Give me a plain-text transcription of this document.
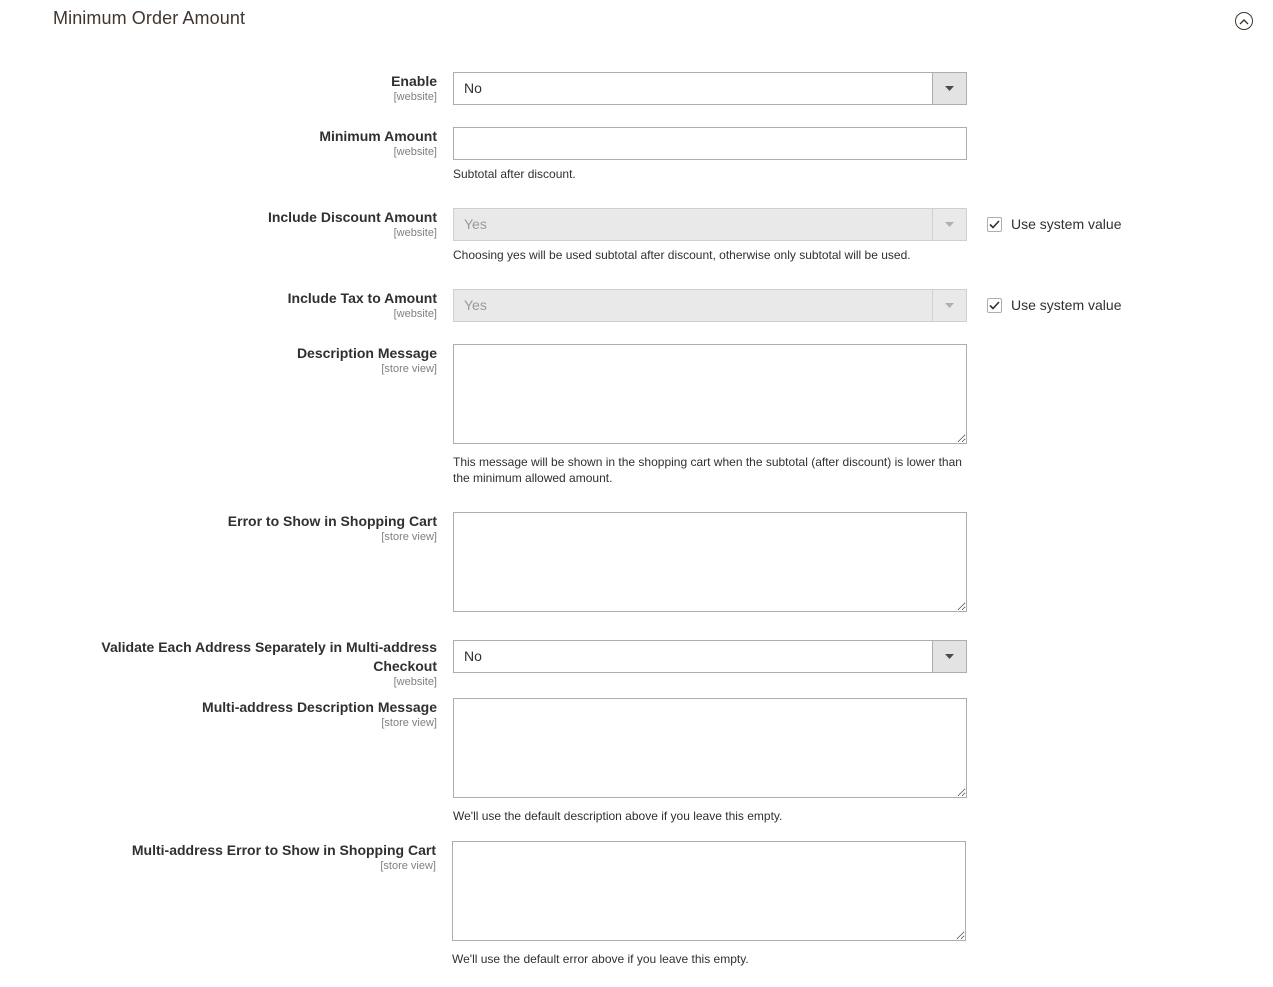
Minimum Order Amount
Enable
[website]
No
Minimum Amount
[website]
Subtotal after discount.
Include Discount Amount
[website]
Yes
Choosing yes will be used subtotal after discount, otherwise only subtotal will be used.
Use system value
Include Tax to Amount
[website]
Yes	Use system value
Description Message
[store view]
This message will be shown in the shopping cart when the subtotal (after discount) is lower than the minimum allowed amount.
Error to Show in Shopping Cart
[store view]
Validate Each Address Separately in Multi-address
Checkout
[website]
No
Multi-address Description Message
[store view]
We'll use the default description above if you leave this empty.
Multi-address Error to Show in Shopping Cart
[store view]
We'll use the default error above if you leave this empty.
